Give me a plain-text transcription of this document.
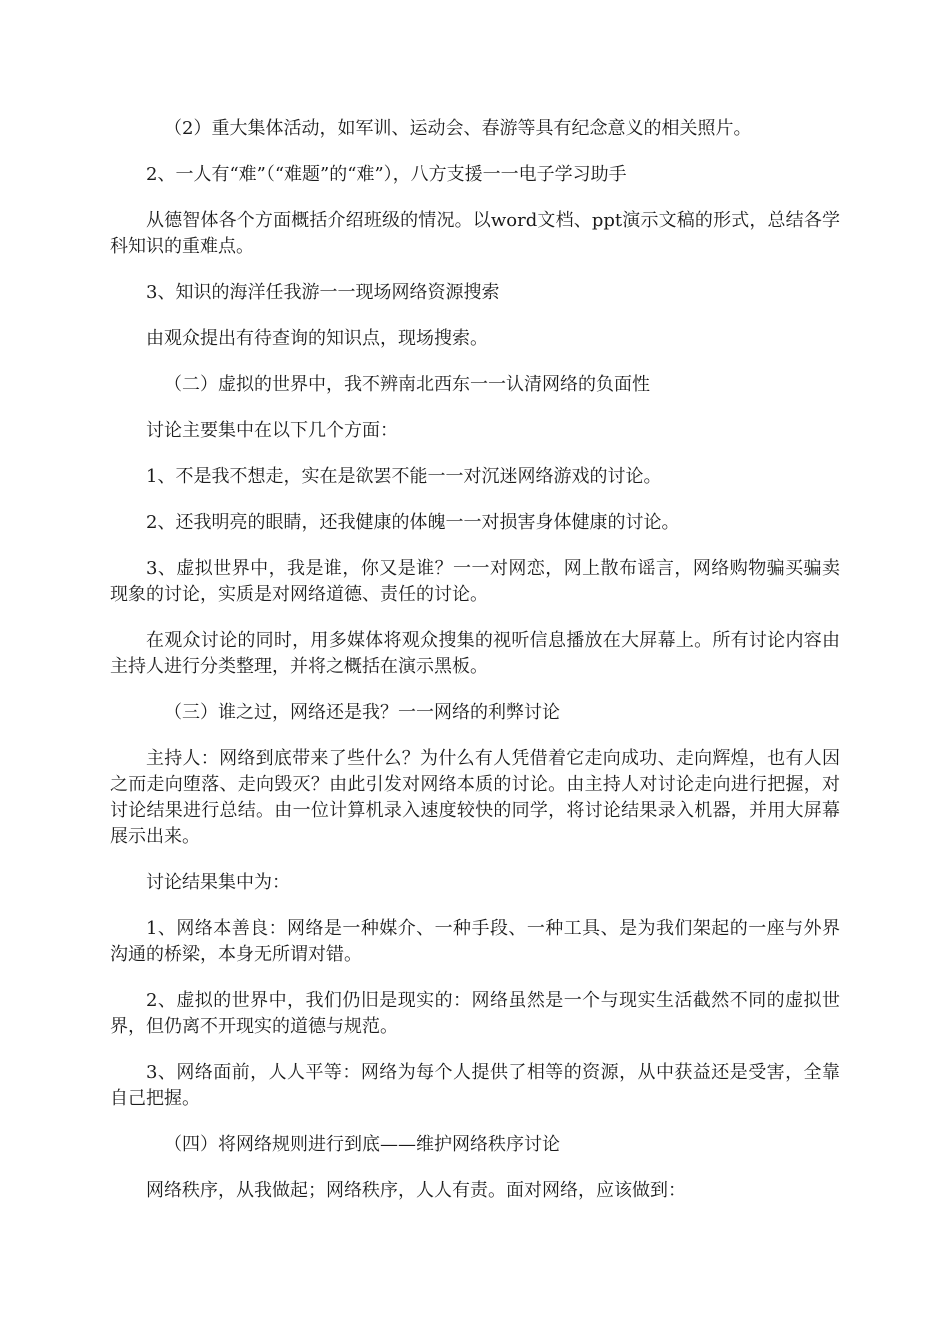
（2）重大集体活动，如军训、运动会、春游等具有纪念意义的相关照片。

2、一人有“难”（“难题”的“难”），八方支援一一电子学习助手

从德智体各个方面概括介绍班级的情况。以word文档、ppt演示文稿的形式，总结各学科知识的重难点。

3、知识的海洋任我游一一现场网络资源搜索

由观众提出有待查询的知识点，现场搜索。

（二）虚拟的世界中，我不辨南北西东一一认清网络的负面性

讨论主要集中在以下几个方面：

1、不是我不想走，实在是欲罢不能一一对沉迷网络游戏的讨论。

2、还我明亮的眼睛，还我健康的体魄一一对损害身体健康的讨论。

3、虚拟世界中，我是谁，你又是谁？一一对网恋，网上散布谣言，网络购物骗买骗卖现象的讨论，实质是对网络道德、责任的讨论。

在观众讨论的同时，用多媒体将观众搜集的视听信息播放在大屏幕上。所有讨论内容由主持人进行分类整理，并将之概括在演示黑板。

（三）谁之过，网络还是我？一一网络的利弊讨论

主持人：网络到底带来了些什么？为什么有人凭借着它走向成功、走向辉煌，也有人因之而走向堕落、走向毁灭？由此引发对网络本质的讨论。由主持人对讨论走向进行把握，对讨论结果进行总结。由一位计算机录入速度较快的同学，将讨论结果录入机器，并用大屏幕展示出来。

讨论结果集中为：

1、网络本善良：网络是一种媒介、一种手段、一种工具、是为我们架起的一座与外界沟通的桥梁，本身无所谓对错。

2、虚拟的世界中，我们仍旧是现实的：网络虽然是一个与现实生活截然不同的虚拟世界，但仍离不开现实的道德与规范。

3、网络面前，人人平等：网络为每个人提供了相等的资源，从中获益还是受害，全靠自己把握。

（四）将网络规则进行到底——维护网络秩序讨论

网络秩序，从我做起；网络秩序，人人有责。面对网络，应该做到：
